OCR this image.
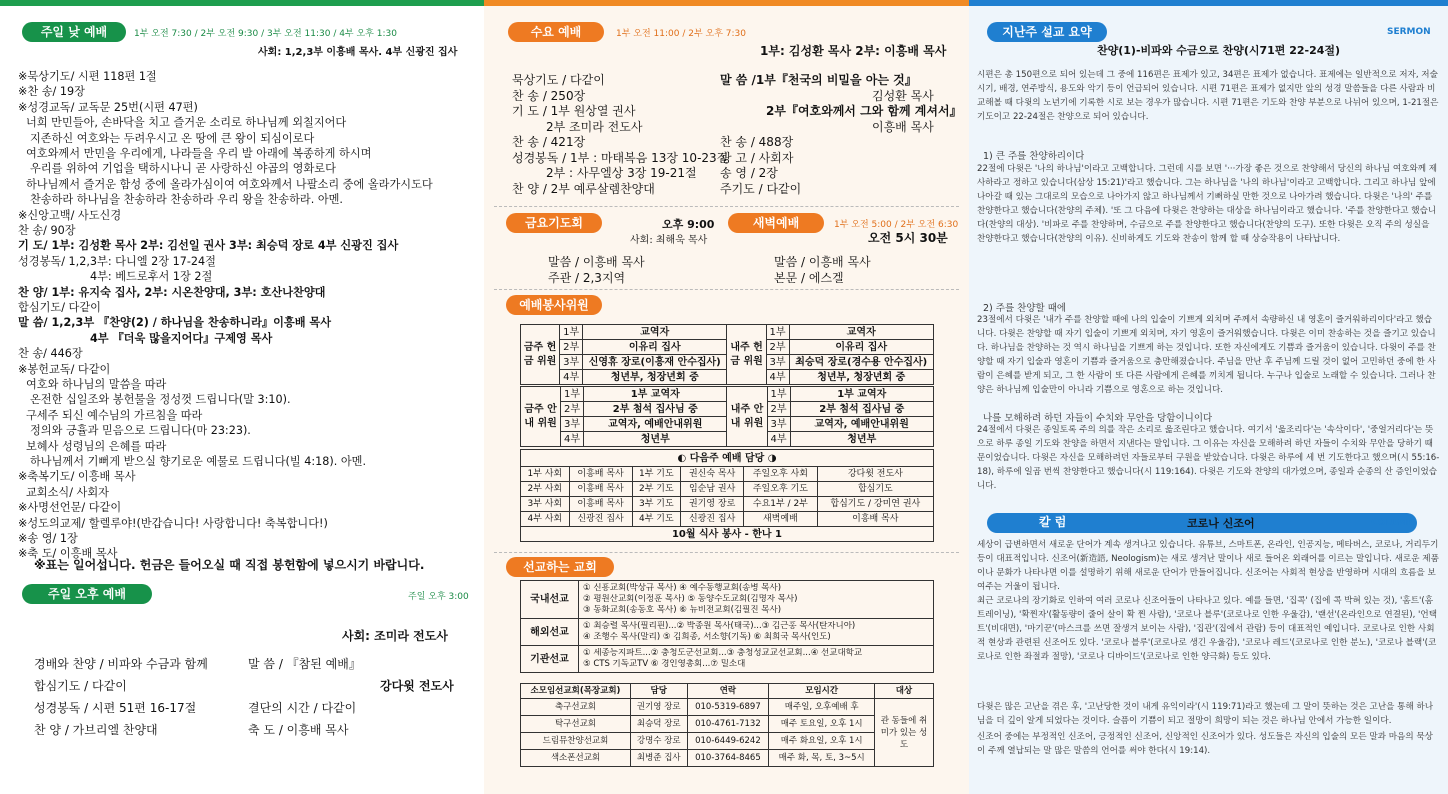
주일 낮 예배	1부 오전 7:30 / 2부 오전 9:30 / 3부 오전 11:30 / 4부 오후 1:30
사회: 1,2,3부 이흥배 목사. 4부 신광진 집사
※묵상기도/ 시편 118편 1절
※찬 송/ 19장
※성경교독/ 교독문 25번(시편 47편)
너희 만민들아, 손바닥을 치고 즐거운 소리로 하나님께 외칠지어다
지존하신 여호와는 두려우시고 온 땅에 큰 왕이 되심이로다
여호와께서 만민을 우리에게, 나라들을 우리 발 아래에 복종하게 하시며
우리를 위하여 기업을 택하시나니 곧 사랑하신 야곱의 영화로다
하나님께서 즐거운 함성 중에 올라가심이여 여호와께서 나팔소리 중에 올라가시도다
찬송하라 하나님을 찬송하라 찬송하라 우리 왕을 찬송하라. 아멘.
※신앙고백/ 사도신경
찬 송/ 90장
기 도/ 1부: 김성환 목사 2부: 김선일 권사 3부: 최승덕 장로 4부 신광진 집사
성경봉독/ 1,2,3부: 다니엘 2장 17-24절
4부: 베드로후서 1장 2절
찬 양/ 1부: 유지숙 집사, 2부: 시온찬양대, 3부: 호산나찬양대
합심기도/ 다같이
말 씀/ 1,2,3부 『찬양(2) / 하나님을 찬송하니라』이흥배 목사
4부 『더욱 많을지어다』구제영 목사
찬 송/ 446장
※봉헌교독/ 다같이
여호와 하나님의 말씀을 따라
온전한 십일조와 봉헌물을 정성껏 드립니다(말 3:10).
구세주 되신 예수님의 가르침을 따라
정의와 긍휼과 믿음으로 드립니다(마 23:23).
보혜사 성령님의 은혜를 따라
하나님께서 기뻐게 받으실 향기로운 예물로 드립니다(빌 4:18). 아멘.
※축복기도/ 이흥배 목사
교회소식/ 사회자
※사명선언문/ 다같이
※성도의교제/ 할렐루야!(반갑습니다! 사랑합니다! 축복합니다!)
※송 영/ 1장
※축 도/ 이흥배 목사
※표는 일어섭니다. 헌금은 들어오실 때 직접 봉헌함에 넣으시기 바랍니다.
주일 오후 예배	주일 오후 3:00
사회: 조미라 전도사
경배와 찬양 / 비파와 수금과 함께	말 씀 / 『참된 예배』
합심기도 / 다같이	강다윗 전도사
성경봉독 / 시편 51편 16-17절	결단의 시간 / 다같이
찬 양 / 가브리엘 찬양대	축 도 / 이흥배 목사
수요 예배	1부 오전 11:00 / 2부 오후 7:30
1부: 김성환 목사 2부: 이흥배 목사
묵상기도 / 다같이
찬 송 / 250장
기 도 / 1부 원상열 권사
2부 조미라 전도사
찬 송 / 421장
성경봉독 / 1부 : 마태복음 13장 10-23절
2부 : 사무엘상 3장 19-21절
찬 양 / 2부 예루살렘찬양대
말 씀 /1부『천국의 비밀을 아는 것』
김성환 목사
2부『여호와께서 그와 함께 계셔서』
이흥배 목사
찬 송 / 488장
광 고 / 사회자
송 영 / 2장
주기도 / 다같이
금요기도회	오후 9:00
사회: 최해욱 목사
말씀 / 이흥배 목사
주관 / 2,3지역
새벽예배	1부 오전 5:00 / 2부 오전 6:30
오전 5시 30분
말씀 / 이흥배 목사
본문 / 에스겔
예배봉사위원
금주 헌금 위원	1부	교역자	내주 헌금 위원	1부	교역자
	2부	이유리 집사		2부	이유리 집사
	3부	신영휴 장로(이흥재 안수집사)		3부	최승덕 장로(경수용 안수집사)
	4부	청년부, 청장년회 중		4부	청년부, 청장년회 중
금주 안내 위원	1부	1부 교역자	내주 안내 위원	1부	1부 교역자
	2부	2부 첨석 집사님 중		2부	2부 첨석 집사님 중
	3부	교역자, 예배안내위원		3부	교역자, 예배안내위원
	4부	청년부		4부	청년부
◐ 다음주 예배 담당 ◑					
1부 사회	이흥배 목사	1부 기도	권신숙 목사	주일오후 사회	강다윗 전도사
2부 사회	이흥배 목사	2부 기도	임순남 권사	주일오후 기도	합심기도
3부 사회	이흥배 목사	3부 기도	권기영 장로	수요1부 / 2부	합심기도 / 강미연 권사
4부 사회	신광진 집사	4부 기도	신광진 집사	새벽예배	이흥배 목사
10월 식사 봉사 - 한나 1					
선교하는 교회
국내선교	① 신흥교회(박상규 목사) ④ 예수동행교회(송병 목사)
② 평원산교회(이정훈 목사) ⑤ 동양수도교회(김명자 목사)
③ 동화교회(송동호 목사) ⑥ 뉴비전교회(김필진 목사)

해외선교	① 최승렬 목사(필리핀)...② 박종원 목사(태국)...③ 김근홍 목사(탄자니아)
④ 조행수 목사(말리) ⑤ 김희종, 서소향(기독) ⑥ 최희국 목사(인도)

기관선교	① 세종능지파트...② 충청도군선교회...③ 충청성교교선교회...④ 선교대학교
⑤ CTS 기독교TV ⑥ 경인영총회...⑦ 밀소대
소모임선교회(목장교회)	담당	연락	모임시간	대상
축구선교회	권기영 장로	010-5319-6897	매주일, 오후예배 후	관 동들에 취미가 있는 성도
탁구선교회	최승덕 장로	010-4761-7132	매주 토요일, 오후 1시	
드림뮤찬양선교회	강명수 장로	010-6449-6242	매주 화요일, 오후 1시	
색소폰선교회	최병준 집사	010-3764-8465	매주 화, 목, 토, 3~5시	
지난주 설교 요약	SERMON
찬양(1)-비파와 수금으로 찬양(시71편 22-24절)
시편은 총 150편으로 되어 있는데 그 중에 116편은 표제가 있고, 34편은 표제가 없습니다. 표제에는 일반적으로 저자, 저술시기, 배경, 연주방식, 용도와 악기 등이 언급되어 있습니다. 시편 71편은 표제가 없지만 앞의 성경 말씀들을 다른 사람과 비교해볼 때 다윗의 노년기에 기록한 시로 보는 경우가 많습니다. 시편 71편은 기도와 찬양 부분으로 나뉘어 있으며, 1-21절은 기도이고 22-24절은 찬양으로 되어 있습니다.
1) 큰 주를 찬양하리이다
22절에 다윗은 '나의 하나님'이라고 고백합니다. 그런데 시를 보면 '···가장 좋은 것으로 찬양해서 당신의 하나님 여호와께 제사하라고 정하고 있습니다(삼상 15:21)'라고 했습니다. 그는 하나님을 '나의 하나님'이라고 고백합니다. 그리고 하나님 앞에 나아갈 때 있는 그대로의 모습으로 나아가지 않고 하나님께서 기뻐하실 만한 것으로 나아가려 했습니다. 다윗은 '나의' 주를 찬양한다고 했습니다(찬양의 주체). '또 그 다음에 다윗은 찬양하는 대상을 하나님이라고 했습니다. '주를 찬양한다고 했습니다(찬양의 대상). '비파로 주를 찬양하며, 수금으로 주를 찬양한다고 했습니다(찬양의 도구). 또한 다윗은 오직 주의 성실을 찬양한다고 했습니다(찬양의 이유). 신비하게도 기도와 찬송이 함께 할 때 상승작용이 나타납니다.
2) 주를 찬양할 때에
23절에서 다윗은 '내가 주를 찬양할 때에 나의 입술이 기쁘게 외치며 주께서 속량하신 내 영혼이 즐거워하리이다'라고 했습니다. 다윗은 찬양할 때 자기 입술이 기쁘게 외치며, 자기 영혼이 즐거워했습니다. 다윗은 이미 찬송하는 것을 즐기고 있습니다. 하나님을 찬양하는 것 역시 하나님을 기쁘게 하는 것입니다. 또한 자신에게도 기쁨과 즐거움이 있습니다. 다윗이 주를 찬양할 때 자기 입술과 영혼이 기쁨과 즐거움으로 충만해졌습니다. 주님을 만난 후 주님께 드릴 것이 없어 고민하던 중에 한 사람이 은혜를 받게 되고, 그 한 사람이 또 다른 사람에게 은혜를 끼치게 됩니다. 누구나 입술로 노래할 수 있습니다. 그러나 찬양은 하나님께 입술만이 아니라 기쁨으로 영혼으로 하는 것입니다.
나를 모해하려 하던 자들이 수치와 무안을 당함이니이다
24절에서 다윗은 종일토록 주의 의를 작은 소리로 읊조린다고 했습니다. 여기서 '읊조리다'는 '속삭이다', '중얼거리다'는 뜻으로 하루 종일 기도와 찬양을 하면서 지낸다는 말입니다. 그 이유는 자신을 모해하려 하던 자들이 수치와 무안을 당하기 때문이었습니다. 다윗은 자신을 모해하려던 자들로부터 구원을 받았습니다. 다윗은 하루에 세 번 기도한다고 했으며(시 55:16-18), 하루에 일곱 번씩 찬양한다고 했습니다(시 119:164). 다윗은 기도와 찬양의 대가였으며, 종일과 순종의 산 증인이었습니다.
칼 럼	코로나 신조어	COLUMN
세상이 급변하면서 새로운 단어가 계속 생겨나고 있습니다. 유튜브, 스마트폰, 온라인, 인공지능, 메타버스, 코로나, 거리두기 등이 대표적입니다. 신조어(新造語, Neologism)는 새로 생겨난 말이나 새로 들어온 외래어를 이르는 말입니다. 새로운 제품이나 문화가 나타나면 이를 설명하기 위해 새로운 단어가 만들어집니다. 신조어는 사회적 현상을 반영하며 시대의 흐름을 보여주는 거울이 됩니다.
최근 코로나의 장기화로 인하여 여러 코로나 신조어들이 나타나고 있다. 예를 들면, '집콕' (집에 콕 박혀 있는 것), '홈트'(홈 트레이닝), '확찐자'(활동량이 줄어 살이 확 찐 사람), '코로나 블루'(코로나로 인한 우울감), '랜선'(온라인으로 연결된), '언택트'(비대면), '마기꾼'(마스크를 쓰면 잘생겨 보이는 사람), '집관'(집에서 관람) 등이 대표적인 예입니다. 코로나로 인한 사회적 현상과 관련된 신조어도 있다. '코로나 블루'(코로나로 생긴 우울감), '코로나 레드'(코로나로 인한 분노), '코로나 블랙'(코로나로 인한 좌절과 절망), '코로나 디바이드'(코로나로 인한 양극화) 등도 있다.
다윗은 많은 고난을 겪은 후, '고난당한 것이 내게 유익이라'(시 119:71)라고 했는데 그 말이 뜻하는 것은 고난을 통해 하나님을 더 깊이 알게 되었다는 것이다. 슬픔이 기쁨이 되고 절망이 희망이 되는 것은 하나님 안에서 가능한 일이다.
신조어 중에는 부정적인 신조어, 긍정적인 신조어, 신앙적인 신조어가 있다. 성도들은 자신의 입술의 모든 말과 마음의 묵상이 주께 열납되는 말 많은 말씀의 언어를 써야 한다(시 19:14).
